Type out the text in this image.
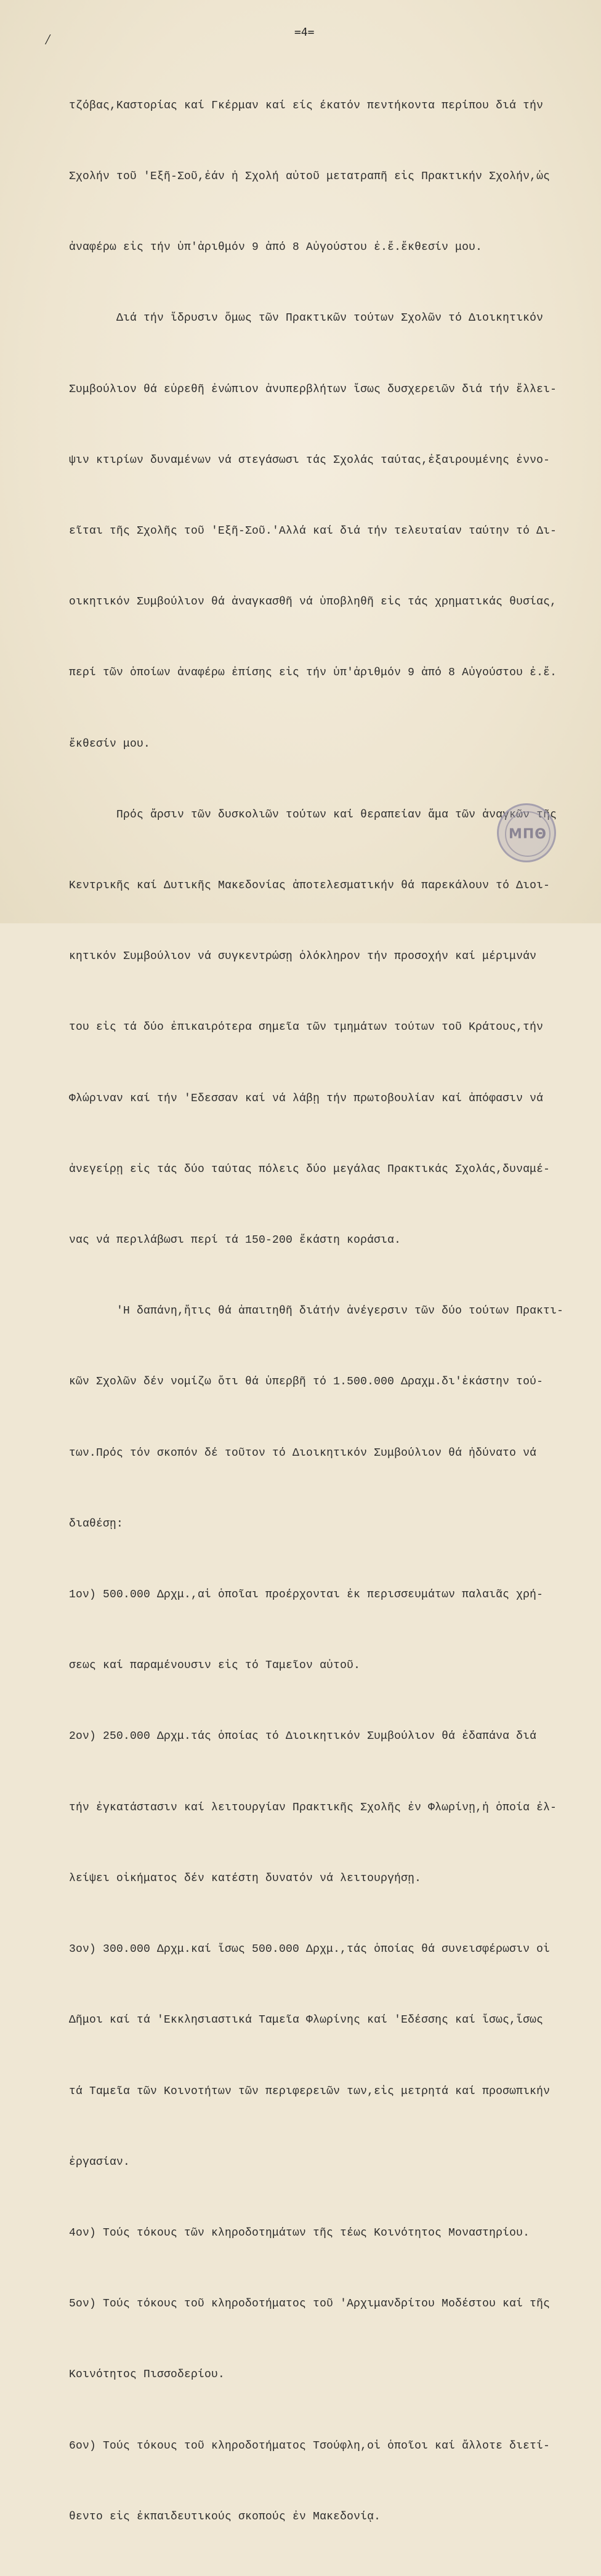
/	=4=

τζόβας,Καστορίας καί Γκέρμαν καί είς έκατόν πεντήκοντα περίπου διά τήν

Σχολήν τοῦ 'Εξῆ-Σοῦ,ἐάν ἡ Σχολή αὐτοῦ μετατραπῆ εἰς Πρακτικήν Σχολήν,ὡς

ἀναφέρω εἰς τήν ὑπ'ἀριθμόν 9 ἀπό 8 Αὐγούστου ἐ.ἔ.ἔκθεσίν μου.

Διά τήν ἵδρυσιν ὅμως τῶν Πρακτικῶν τούτων Σχολῶν τό Διοικητικόν

Συμβούλιον θά εὑρεθῆ ἐνώπιον ἀνυπερβλήτων ἴσως δυσχερειῶν διά τήν ἔλλει-

ψιν κτιρίων δυναμένων νά στεγάσωσι τάς Σχολάς ταύτας,ἐξαιρουμένης ἐννο-

εῖται τῆς Σχολῆς τοῦ 'Εξῆ-Σοῦ.'Αλλά καί διά τήν τελευταίαν ταύτην τό Δι-

οικητικόν Συμβούλιον θά ἀναγκασθῆ νά ὑποβληθῆ εἰς τάς χρηματικάς θυσίας,

περί τῶν ὁποίων ἀναφέρω ἐπίσης εἰς τήν ὑπ'ἀριθμόν 9 ἀπό 8 Αὐγούστου ἐ.ἔ.

ἔκθεσίν μου.

Πρός ἄρσιν τῶν δυσκολιῶν τούτων καί θεραπείαν ἅμα τῶν ἀναγκῶν τῆς

Κεντρικῆς καί Δυτικῆς Μακεδονίας ἀποτελεσματικήν θά παρεκάλουν τό Διοι-

κητικόν Συμβούλιον νά συγκεντρώσῃ ὁλόκληρον τήν προσοχήν καί μέριμνάν

του εἰς τά δύο ἐπικαιρότερα σημεῖα τῶν τμημάτων τούτων τοῦ Κράτους,τήν

Φλώριναν καί τήν 'Εδεσσαν καί νά λάβῃ τήν πρωτοβουλίαν καί ἀπόφασιν νά

ἀνεγείρῃ εἰς τάς δύο ταύτας πόλεις δύο μεγάλας Πρακτικάς Σχολάς,δυναμέ-

νας νά περιλάβωσι περί τά 150-200 ἕκάστη κοράσια.

'Η δαπάνη,ἥτις θά ἀπαιτηθῆ διάτήν ἀνέγερσιν τῶν δύο τούτων Πρακτι-

κῶν Σχολῶν δέν νομίζω ὅτι θά ὑπερβῆ τό 1.500.000 Δραχμ.δι'ἑκάστην τού-

των.Πρός τόν σκοπόν δέ τοῦτον τό Διοικητικόν Συμβούλιον θά ἠδύνατο νά

διαθέσῃ:

1ον) 500.000 Δρχμ.,αἱ ὁποῖαι προέρχονται ἐκ περισσευμάτων παλαιᾶς χρή-

σεως καί παραμένουσιν εἰς τό Ταμεῖον αὐτοῦ.

2ον) 250.000 Δρχμ.τάς ὁποίας τό Διοικητικόν Συμβούλιον θά ἐδαπάνα διά

τήν ἐγκατάστασιν καί λειτουργίαν Πρακτικῆς Σχολῆς ἐν Φλωρίνῃ,ἡ ὁποία ἐλ-

λείψει οἰκήματος δέν κατέστη δυνατόν νά λειτουργήσῃ.

3ον) 300.000 Δρχμ.καί ἴσως 500.000 Δρχμ.,τάς ὁποίας θά συνεισφέρωσιν οἱ

Δῆμοι καί τά 'Εκκλησιαστικά Ταμεῖα Φλωρίνης καί 'Εδέσσης καί ἴσως,ἴσως

τά Ταμεῖα τῶν Κοινοτήτων τῶν περιφερειῶν των,εἰς μετρητά καί προσωπικήν

ἐργασίαν.

4ον) Τούς τόκους τῶν κληροδοτημάτων τῆς τέως Κοινότητος Μοναστηρίου.

5ον) Τούς τόκους τοῦ κληροδοτήματος τοῦ 'Αρχιμανδρίτου Μοδέστου καί τῆς

Κοινότητος Πισσοδερίου.

6ον) Τούς τόκους τοῦ κληροδοτήματος Τσούφλη,οἱ ὁποῖοι καί ἄλλοτε διετί-

θεντο εἰς ἐκπαιδευτικούς σκοπούς ἐν Μακεδονίᾳ.

ΜΠΘ
